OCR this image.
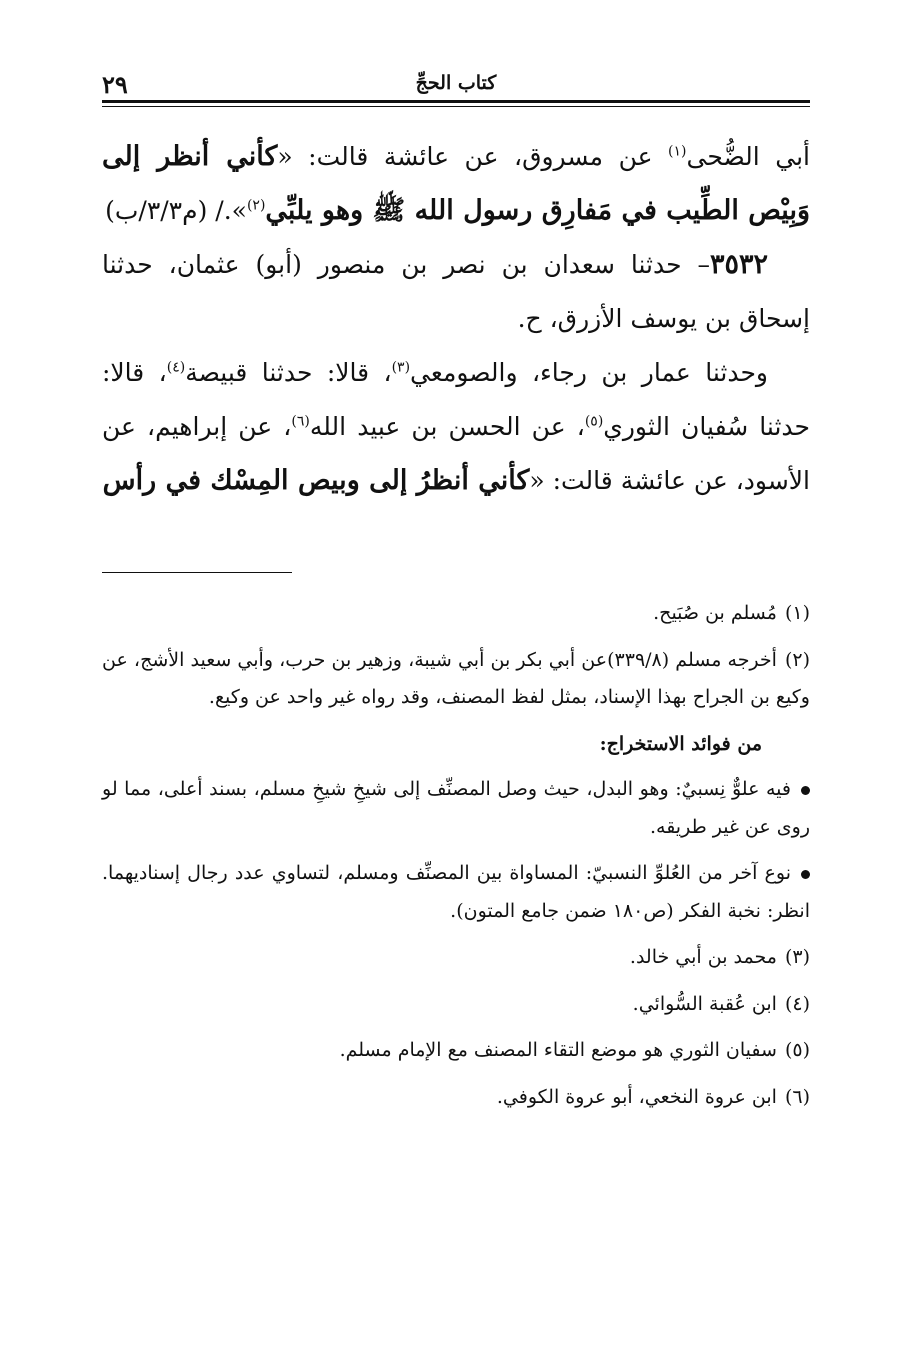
كتاب الحجِّ
٢٩

أبي الضُّحى$^{(١)}$ عن مسروق، عن عائشة قالت: «كأني أنظر إلى وَبِيْص الطِّيب في مَفارِق رسول الله ﷺ وهو يلبِّي$^{(٢)}$»./ (م٣/٣/ب)

٣٥٣٢– حدثنا سعدان بن نصر بن منصور (أبو) عثمان، حدثنا إسحاق بن يوسف الأزرق، ح.

وحدثنا عمار بن رجاء، والصومعي$^{(٣)}$، قالا: حدثنا قبيصة$^{(٤)}$، قالا: حدثنا سُفيان الثوري$^{(٥)}$، عن الحسن بن عبيد الله$^{(٦)}$، عن إبراهيم، عن الأسود، عن عائشة قالت: «كأني أنظرُ إلى وبيص المِسْك في رأس

(١)مُسلم بن صُبَيح.

(٢)أخرجه مسلم (٣٣٩/٨)عن أبي بكر بن أبي شيبة، وزهير بن حرب، وأبي سعيد الأشج، عن وكيع بن الجراح بهذا الإسناد، بمثل لفظ المصنف، وقد رواه غير واحد عن وكيع.

من فوائد الاستخراج:

فيه علوٌّ نِسبيٌ: وهو البدل، حيث وصل المصنِّف إلى شيخِ شيخِ مسلم، بسند أعلى، مما لو روى عن غير طريقه.

نوع آخر من العُلوِّ النسبيّ: المساواة بين المصنِّف ومسلم، لتساوي عدد رجال إسناديهما. انظر: نخبة الفكر (ص١٨٠ ضمن جامع المتون).

(٣)محمد بن أبي خالد.

(٤)ابن عُقبة السُّوائي.

(٥)سفيان الثوري هو موضع التقاء المصنف مع الإمام مسلم.

(٦)ابن عروة النخعي، أبو عروة الكوفي.
